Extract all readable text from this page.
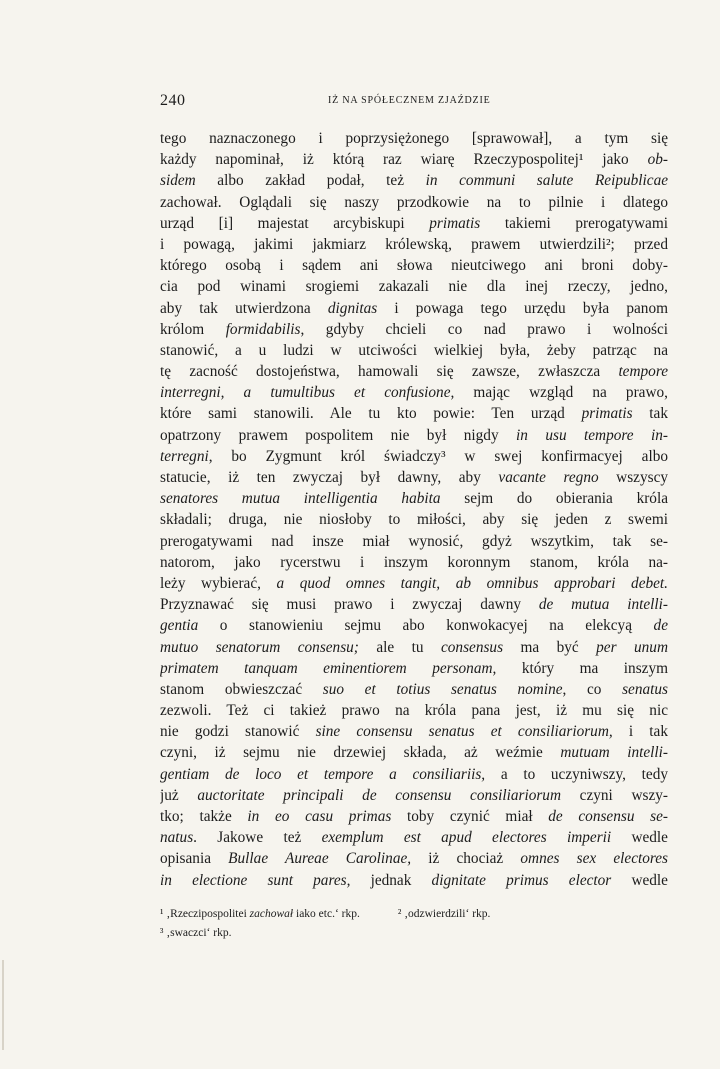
240	IŻ NA SPÓŁECZNEM ZJAŹDZIE
tego naznaczonego i poprzysiężonego [sprawował], a tym się
każdy napominał, iż którą raz wiarę Rzeczypospolitej¹ jako ob-
sidem albo zakład podał, też in communi salute Reipublicae
zachował. Oglądali się naszy przodkowie na to pilnie i dlatego
urząd [i] majestat arcybiskupi primatis takiemi prerogatywami
i powagą, jakimi jakmiarz królewską, prawem utwierdzili²; przed
którego osobą i sądem ani słowa nieutciwego ani broni doby-
cia pod winami srogiemi zakazali nie dla inej rzeczy, jedno,
aby tak utwierdzona dignitas i powaga tego urzędu była panom
królom formidabilis, gdyby chcieli co nad prawo i wolności
stanowić, a u ludzi w utciwości wielkiej była, żeby patrząc na
tę zacność dostojeństwa, hamowali się zawsze, zwłaszcza tempore
interregni, a tumultibus et confusione, mając wzgląd na prawo,
które sami stanowili. Ale tu kto powie: Ten urząd primatis tak
opatrzony prawem pospolitem nie był nigdy in usu tempore in-
terregni, bo Zygmunt król świadczy³ w swej konfirmacyej albo
statucie, iż ten zwyczaj był dawny, aby vacante regno wszyscy
senatores mutua intelligentia habita sejm do obierania króla
składali; druga, nie niosłoby to miłości, aby się jeden z swemi
prerogatywami nad insze miał wynosić, gdyż wszytkim, tak se-
natorom, jako rycerstwu i inszym koronnym stanom, króla na-
leży wybierać, a quod omnes tangit, ab omnibus approbari debet.
Przyznawać się musi prawo i zwyczaj dawny de mutua intelli-
gentia o stanowieniu sejmu abo konwokacyej na elekcyą de
mutuo senatorum consensu; ale tu consensus ma być per unum
primatem tanquam eminentiorem personam, który ma inszym
stanom obwieszczać suo et totius senatus nomine, co senatus
zezwoli. Też ci takież prawo na króla pana jest, iż mu się nic
nie godzi stanowić sine consensu senatus et consiliariorum, i tak
czyni, iż sejmu nie drzewiej składa, aż weźmie mutuam intelli-
gentiam de loco et tempore a consiliariis, a to uczyniwszy, tedy
już auctoritate principali de consensu consiliariorum czyni wszy-
tko; także in eo casu primas toby czynić miał de consensu se-
natus. Jakowe też exemplum est apud electores imperii wedle
opisania Bullae Aureae Carolinae, iż chociaż omnes sex electores
in electione sunt pares, jednak dignitate primus elector wedle
¹ ‚Rzeczipospolitei zachował iako etc.‘ rkp.	² ‚odzwierdzili‘ rkp.
³ ‚swaczci‘ rkp.
